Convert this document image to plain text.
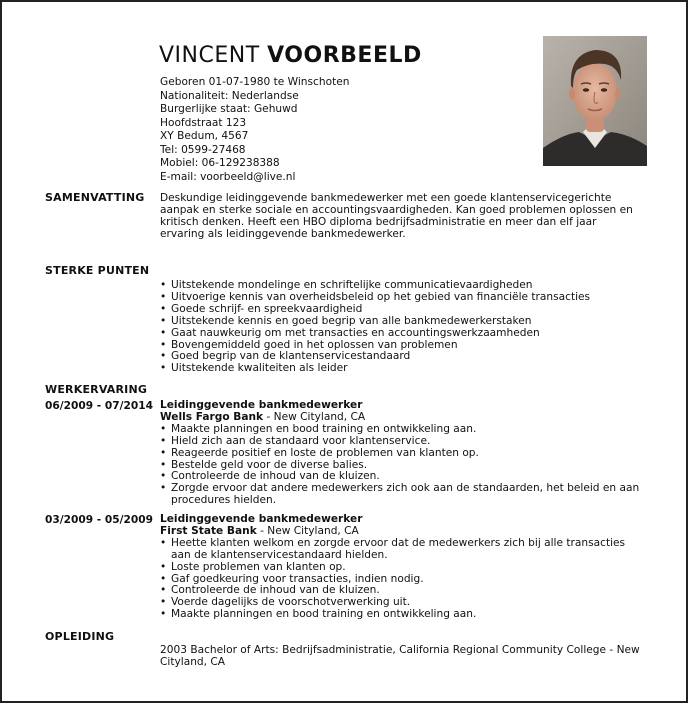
VINCENT VOORBEELD
Geboren 01-07-1980 te Winschoten
Nationaliteit: Nederlandse
Burgerlijke staat: Gehuwd
Hoofdstraat 123
XY Bedum, 4567
Tel: 0599-27468
Mobiel: 06-129238388
E-mail: voorbeeld@live.nl
SAMENVATTING Deskundige leidinggevende bankmedewerker met een goede klantenservicegerichte aanpak en sterke sociale en accountingsvaardigheden. Kan goed problemen oplossen en kritisch denken. Heeft een HBO diploma bedrijfsadministratie en meer dan elf jaar ervaring als leidinggevende bankmedewerker.

STERKE PUNTEN
• Uitstekende mondelinge en schriftelijke communicatievaardigheden
• Uitvoerige kennis van overheidsbeleid op het gebied van financiële transacties
• Goede schrijf- en spreekvaardigheid
• Uitstekende kennis en goed begrip van alle bankmedewerkerstaken
• Gaat nauwkeurig om met transacties en accountingswerkzaamheden
• Bovengemiddeld goed in het oplossen van problemen
• Goed begrip van de klantenservicestandaard
• Uitstekende kwaliteiten als leider
WERKERVARING
06/2009 - 07/2014 Leidinggevende bankmedewerker
Wells Fargo Bank - New Cityland, CA
• Maakte planningen en bood training en ontwikkeling aan.
• Hield zich aan de standaard voor klantenservice.
• Reageerde positief en loste de problemen van klanten op.
• Bestelde geld voor de diverse balies.
• Controleerde de inhoud van de kluizen.
• Zorgde ervoor dat andere medewerkers zich ook aan de standaarden, het beleid en aan procedures hielden.
03/2009 - 05/2009 Leidinggevende bankmedewerker
First State Bank - New Cityland, CA
• Heette klanten welkom en zorgde ervoor dat de medewerkers zich bij alle transacties aan de klantenservicestandaard hielden.
• Loste problemen van klanten op.
• Gaf goedkeuring voor transacties, indien nodig.
• Controleerde de inhoud van de kluizen.
• Voerde dagelijks de voorschotverwerking uit.
• Maakte planningen en bood training en ontwikkeling aan.
OPLEIDING

2003 Bachelor of Arts: Bedrijfsadministratie, California Regional Community College - New Cityland, CA
